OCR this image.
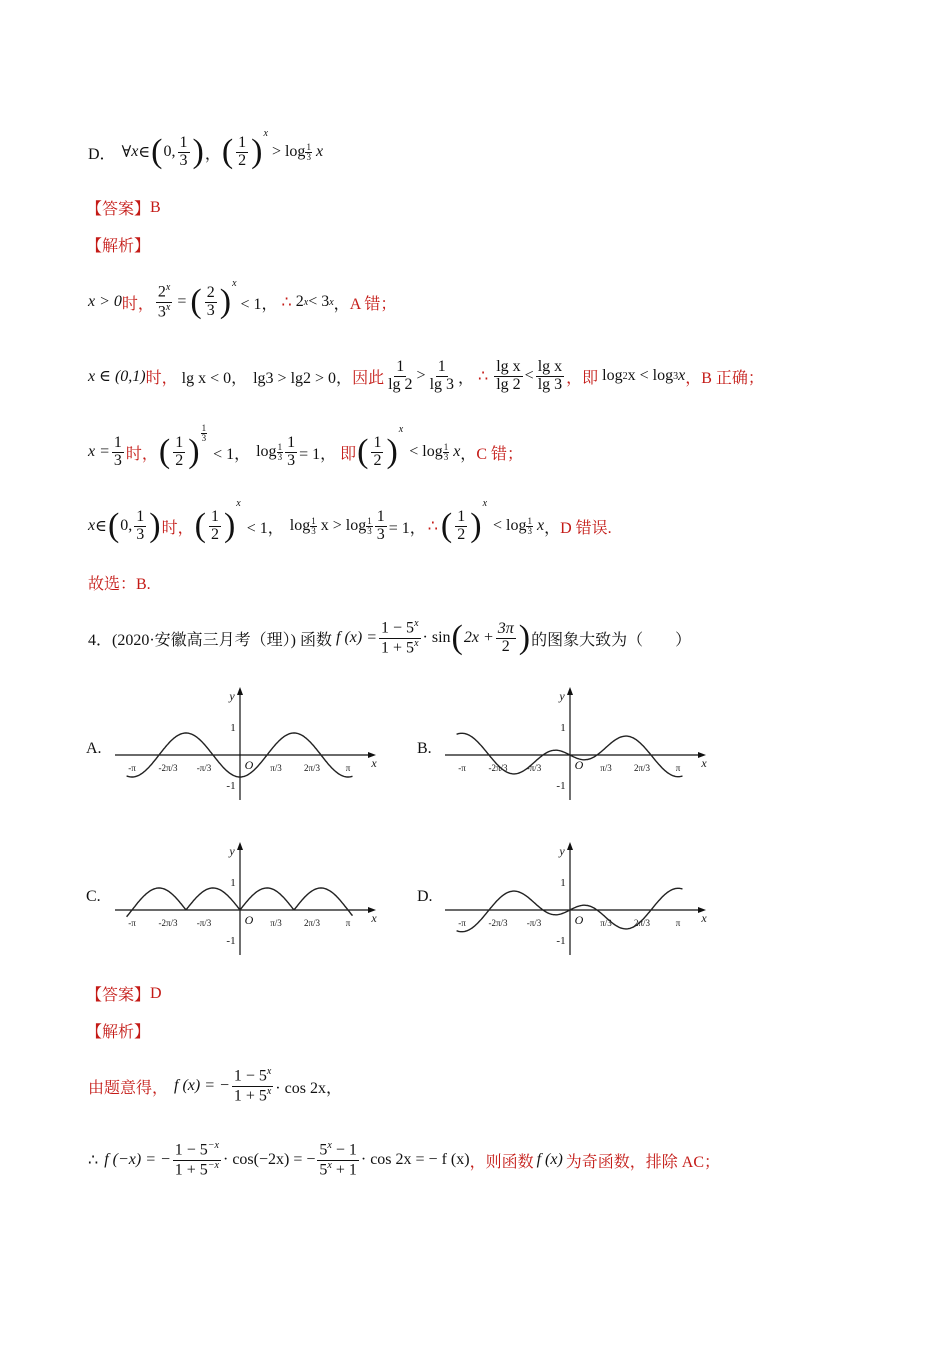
D． ∀ x ∈ ( 0, $\frac{1}{3}$ ) ， ( $\frac{1}{2} )^x$
> log 1
3 x
【答案】 B
【解析】
x > 0 时， $\frac{2^x}{3^x}$ = ( $\frac{2}{3} )^x$
< 1， ∴ 2 x < 3 x ， A 错；
x ∈ (0,1) 时， lg x < 0， lg3 > lg2 > 0， 因此 $\frac{1}{\lg 2} > \frac{1}{\lg 3}$ ， ∴ $\frac{\text{lg x}}{\lg 2} < \frac{\text{lg x}}{\lg 3}$ ，即 log 2 x < log 3 x ，B 正确；
$x = \frac{1}{3}$ 时， ( $\frac{1}{2}$ )
1
3
< 1， log 1
$3 \frac{1}{3} = 1$， 即 ( $\frac{1}{2}$ )
x
< log 1
3 x ， C 错；
x ∈ ( 0, $\frac{1}{3}$ ) 时， ( $\frac{1}{2}$ )
x
< 1， log 1
3 x > log 1
$3 \frac{1}{3} = 1$， ∴ ( $\frac{1}{2}$ )
x
< log 1
3 x ， D 错误.
故选：B.
4． (2020·安徽高三月考（理）) 函数 f $(x) = \frac{1 - 5^x}{1 + 5^x} \cdot \sin$ ( $2x + \frac{3\pi}{2}$ ) 的图象大致为（　　）
A.	B.
C.	D.
y
x
1
-1
O
-π	-2π/3 -π/3	π/3 2π/3	π
y
x
1
-1
O
-π	-2π/3 -π/3	π/3 2π/3	π
y
x
1
-1
O
-π	-2π/3 -π/3	π/3 2π/3	π
y
x
1
-1
O
-π	-2π/3 -π/3	π/3 2π/3	π
【答案】 D
【解析】
由题意得， f (x) = − $\frac{1 - 5^x}{1 + 5^x} \cdot \cos 2x$，
∴ f (−x) = − $\frac{1 - 5^{-x}}{1 + 5^{-x}} \cdot \cos(-2x)$ = − $\frac{5^x - 1}{5^x + 1} \cdot \cos 2x$ = − f (x) ， 则函数 f (x) 为奇函数，排除 AC；
